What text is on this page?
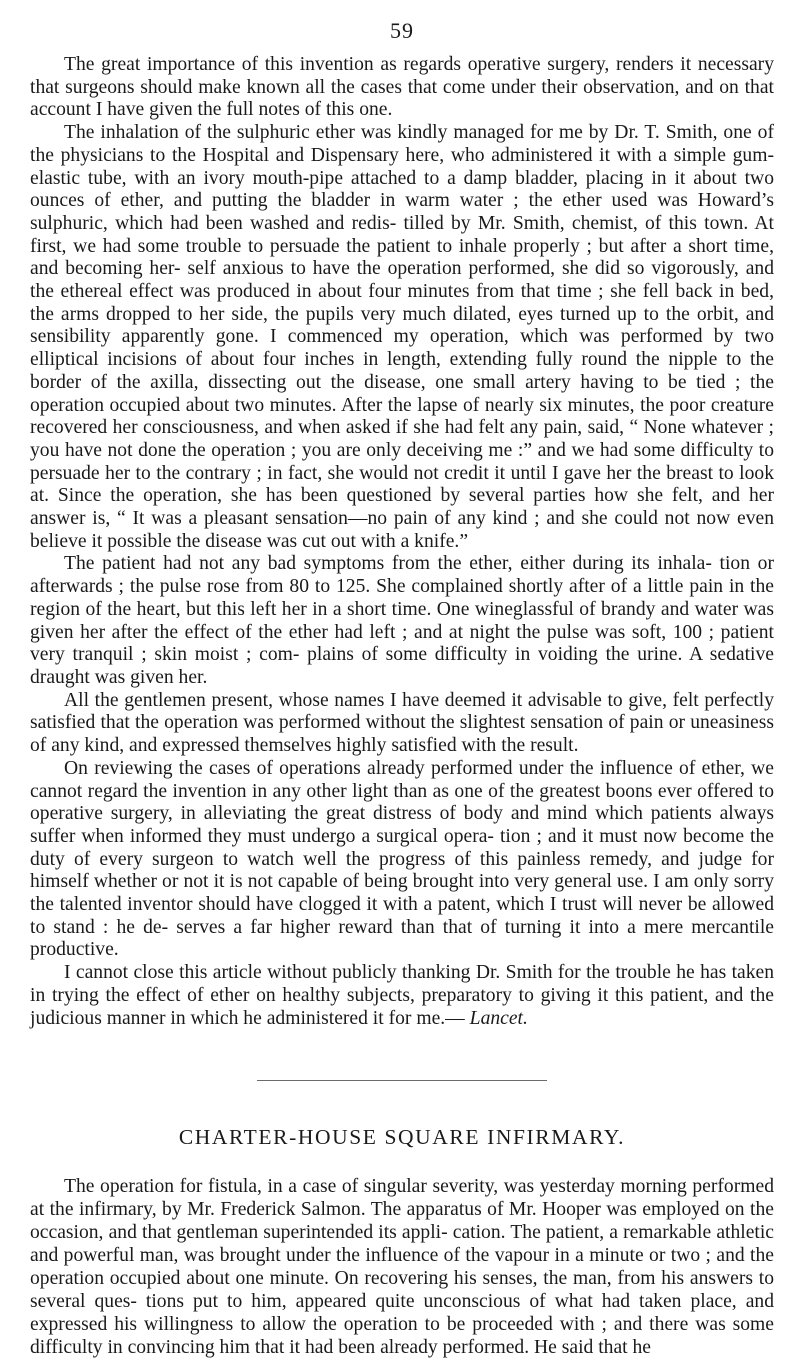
59

The great importance of this invention as regards operative surgery, renders it necessary that surgeons should make known all the cases that come under their observation, and on that account I have given the full notes of this one.

The inhalation of the sulphuric ether was kindly managed for me by Dr. T. Smith, one of the physicians to the Hospital and Dispensary here, who administered it with a simple gum-elastic tube, with an ivory mouth-pipe attached to a damp bladder, placing in it about two ounces of ether, and putting the bladder in warm water ; the ether used was Howard’s sulphuric, which had been washed and redis- tilled by Mr. Smith, chemist, of this town. At first, we had some trouble to persuade the patient to inhale properly ; but after a short time, and becoming her- self anxious to have the operation performed, she did so vigorously, and the ethereal effect was produced in about four minutes from that time ; she fell back in bed, the arms dropped to her side, the pupils very much dilated, eyes turned up to the orbit, and sensibility apparently gone. I commenced my operation, which was performed by two elliptical incisions of about four inches in length, extending fully round the nipple to the border of the axilla, dissecting out the disease, one small artery having to be tied ; the operation occupied about two minutes. After the lapse of nearly six minutes, the poor creature recovered her consciousness, and when asked if she had felt any pain, said, “ None whatever ; you have not done the operation ; you are only deceiving me :” and we had some difficulty to persuade her to the contrary ; in fact, she would not credit it until I gave her the breast to look at. Since the operation, she has been questioned by several parties how she felt, and her answer is, “ It was a pleasant sensation—no pain of any kind ; and she could not now even believe it possible the disease was cut out with a knife.”

The patient had not any bad symptoms from the ether, either during its inhala- tion or afterwards ; the pulse rose from 80 to 125. She complained shortly after of a little pain in the region of the heart, but this left her in a short time. One wineglassful of brandy and water was given her after the effect of the ether had left ; and at night the pulse was soft, 100 ; patient very tranquil ; skin moist ; com- plains of some difficulty in voiding the urine. A sedative draught was given her.

All the gentlemen present, whose names I have deemed it advisable to give, felt perfectly satisfied that the operation was performed without the slightest sensation of pain or uneasiness of any kind, and expressed themselves highly satisfied with the result.

On reviewing the cases of operations already performed under the influence of ether, we cannot regard the invention in any other light than as one of the greatest boons ever offered to operative surgery, in alleviating the great distress of body and mind which patients always suffer when informed they must undergo a surgical opera- tion ; and it must now become the duty of every surgeon to watch well the progress of this painless remedy, and judge for himself whether or not it is not capable of being brought into very general use. I am only sorry the talented inventor should have clogged it with a patent, which I trust will never be allowed to stand : he de- serves a far higher reward than that of turning it into a mere mercantile productive.

I cannot close this article without publicly thanking Dr. Smith for the trouble he has taken in trying the effect of ether on healthy subjects, preparatory to giving it this patient, and the judicious manner in which he administered it for me.— Lancet.

CHARTER-HOUSE SQUARE INFIRMARY.

The operation for fistula, in a case of singular severity, was yesterday morning performed at the infirmary, by Mr. Frederick Salmon. The apparatus of Mr. Hooper was employed on the occasion, and that gentleman superintended its appli- cation. The patient, a remarkable athletic and powerful man, was brought under the influence of the vapour in a minute or two ; and the operation occupied about one minute. On recovering his senses, the man, from his answers to several ques- tions put to him, appeared quite unconscious of what had taken place, and expressed his willingness to allow the operation to be proceeded with ; and there was some difficulty in convincing him that it had been already performed. He said that he
